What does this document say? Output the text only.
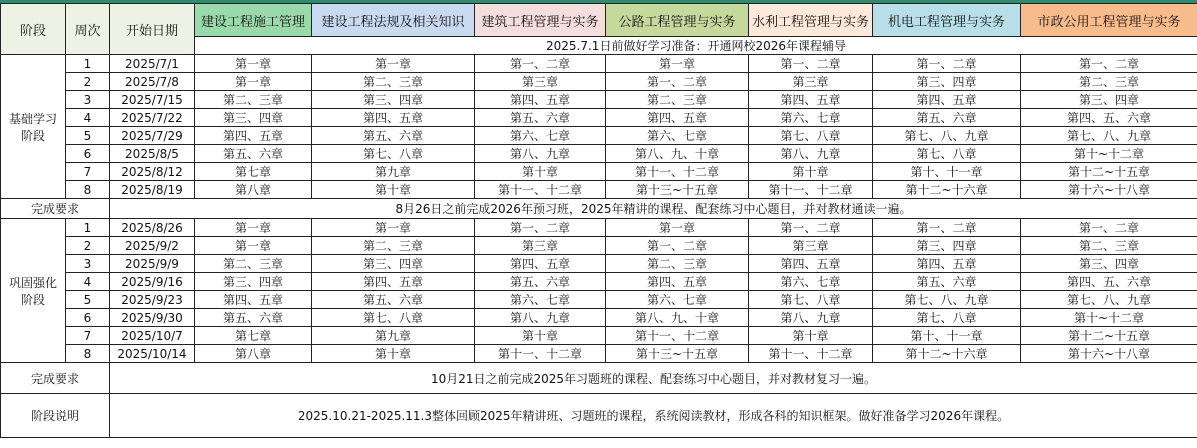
阶段	周次	开始日期	建设工程施工管理	建设工程法规及相关知识	建筑工程管理与实务	公路工程管理与实务	水利工程管理与实务	机电工程管理与实务	市政公用工程管理与实务
			2025.7.1日前做好学习准备：开通网校2026年课程辅导						
基础学习阶段	1	2025/7/1	第一章	第一章	第一、二章	第一章	第一、二章	第一、二章	第一、二章
	2	2025/7/8	第一章	第二、三章	第三章	第一、二章	第三章	第三、四章	第二、三章
	3	2025/7/15	第二、三章	第三、四章	第四、五章	第二、三章	第四、五章	第四、五章	第三、四章
	4	2025/7/22	第三、四章	第四、五章	第五、六章	第四、五章	第六、七章	第五、六章	第四、五、六章
	5	2025/7/29	第四、五章	第五、六章	第六、七章	第六、七章	第七、八章	第七、八、九章	第七、八、九章
	6	2025/8/5	第五、六章	第七、八章	第八、九章	第八、九、十章	第八、九章	第七、八章	第十~十二章
	7	2025/8/12	第七章	第九章	第十章	第十一、十二章	第十章	第十、十一章	第十二~十五章
	8	2025/8/19	第八章	第十章	第十一、十二章	第十三~十五章	第十一、十二章	第十二~十六章	第十六~十八章
完成要求		8月26日之前完成2026年预习班，2025年精讲的课程、配套练习中心题目，并对教材通读一遍。							
巩固强化阶段	1	2025/8/26	第一章	第一章	第一、二章	第一章	第一、二章	第一、二章	第一、二章
	2	2025/9/2	第一章	第二、三章	第三章	第一、二章	第三章	第三、四章	第二、三章
	3	2025/9/9	第二、三章	第三、四章	第四、五章	第二、三章	第四、五章	第四、五章	第三、四章
	4	2025/9/16	第三、四章	第四、五章	第五、六章	第四、五章	第六、七章	第五、六章	第四、五、六章
	5	2025/9/23	第四、五章	第五、六章	第六、七章	第六、七章	第七、八章	第七、八、九章	第七、八、九章
	6	2025/9/30	第五、六章	第七、八章	第八、九章	第八、九、十章	第八、九章	第七、八章	第十~十二章
	7	2025/10/7	第七章	第九章	第十章	第十一、十二章	第十章	第十、十一章	第十二~十五章
	8	2025/10/14	第八章	第十章	第十一、十二章	第十三~十五章	第十一、十二章	第十二~十六章	第十六~十八章
完成要求		10月21日之前完成2025年习题班的课程、配套练习中心题目，并对教材复习一遍。							
阶段说明		2025.10.21-2025.11.3整体回顾2025年精讲班、习题班的课程，系统阅读教材，形成各科的知识框架。做好准备学习2026年课程。							
